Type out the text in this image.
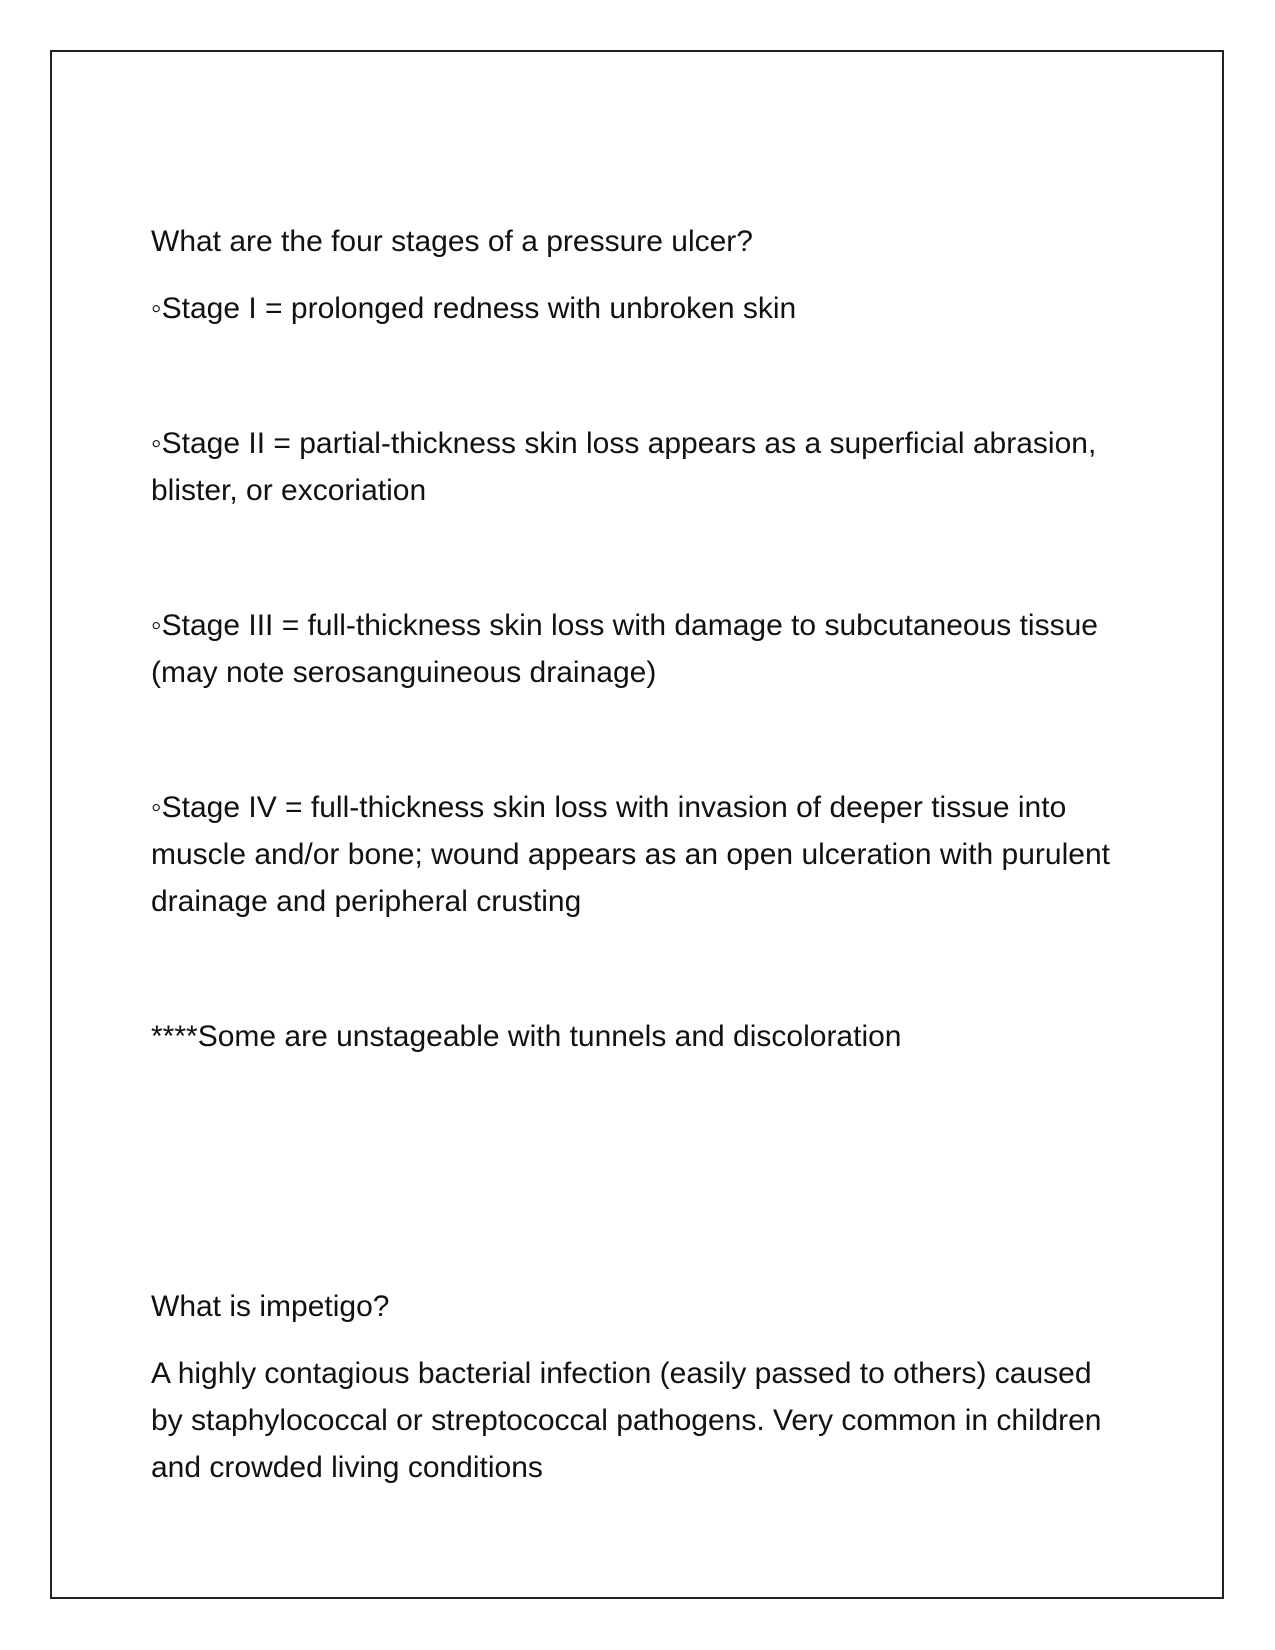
What are the four stages of a pressure ulcer?

◦Stage I = prolonged redness with unbroken skin

◦Stage II = partial-thickness skin loss appears as a superficial abrasion, blister, or excoriation

◦Stage III = full-thickness skin loss with damage to subcutaneous tissue (may note serosanguineous drainage)

◦Stage IV = full-thickness skin loss with invasion of deeper tissue into muscle and/or bone; wound appears as an open ulceration with purulent drainage and peripheral crusting

****Some are unstageable with tunnels and discoloration

What is impetigo?

A highly contagious bacterial infection (easily passed to others) caused by staphylococcal or streptococcal pathogens. Very common in children and crowded living conditions
